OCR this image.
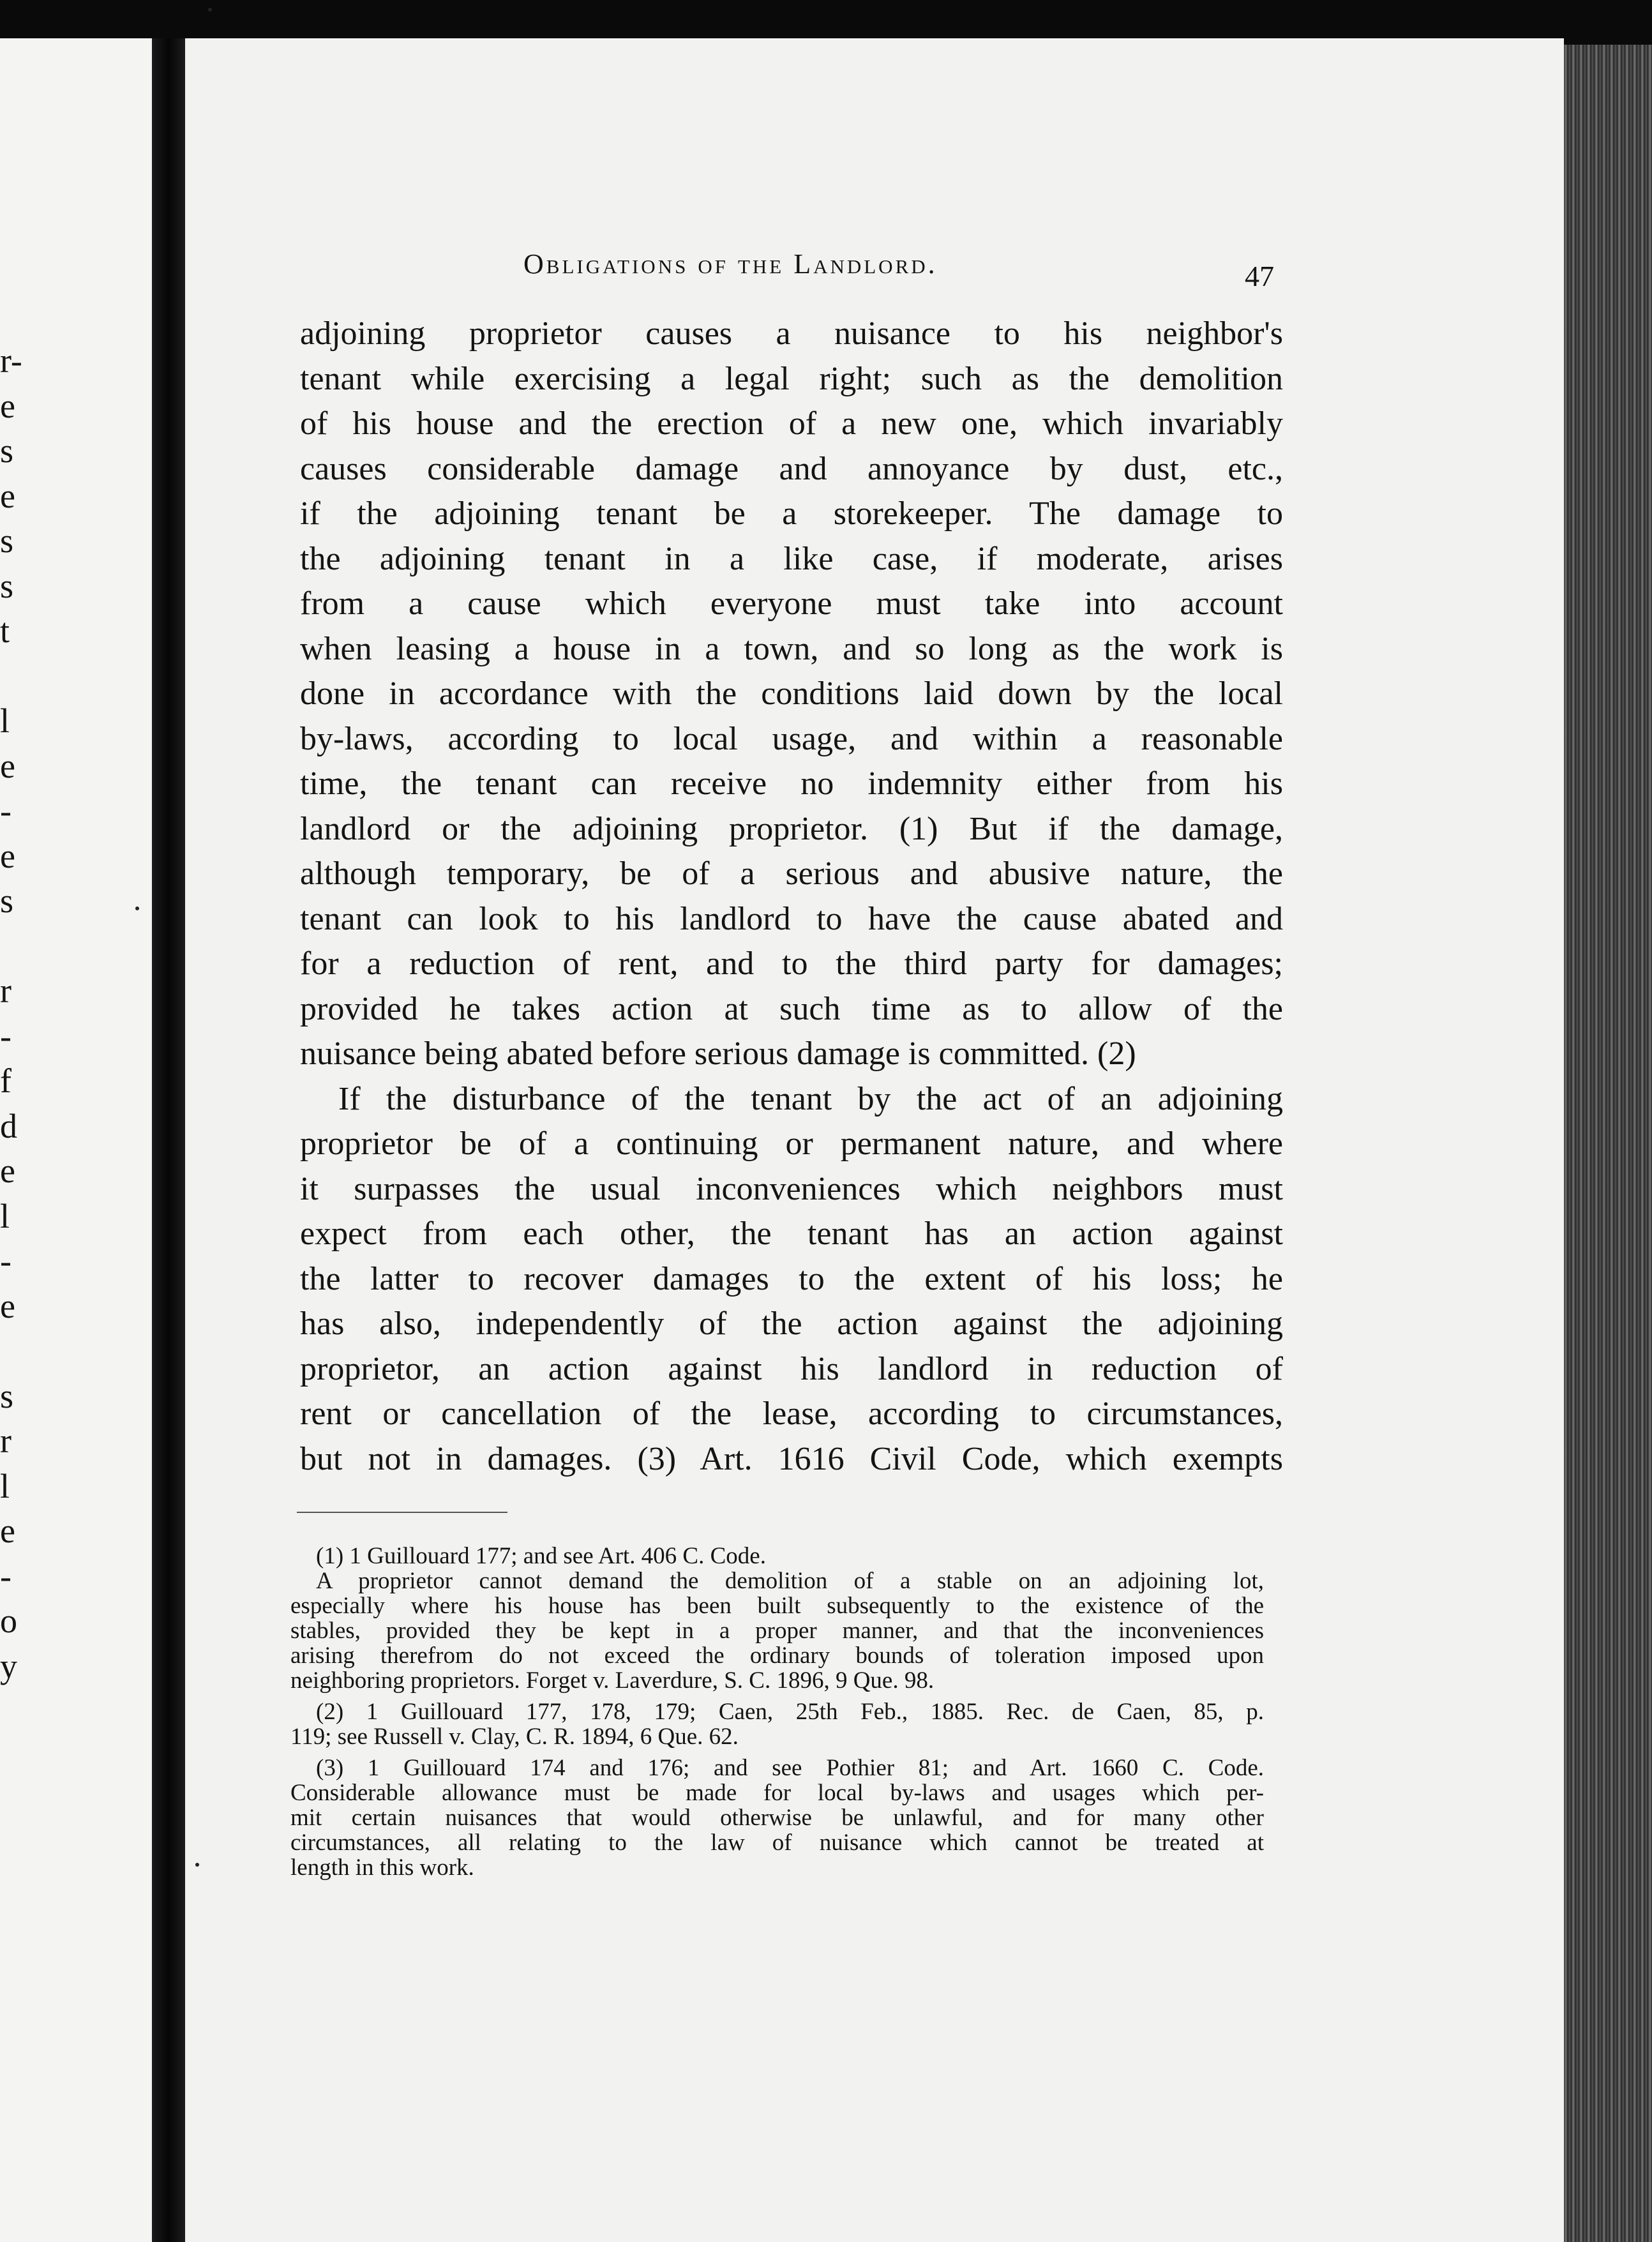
r-
e
s
e
s
s
t
l
e
-
e
s
r
-
f
d
e
l
-
e
s
r
l
e
-
o
y
Obligations of the Landlord.	47
adjoining proprietor causes a nuisance to his neighbor's
tenant while exercising a legal right; such as the demolition
of his house and the erection of a new one, which invariably
causes considerable damage and annoyance by dust, etc.,
if the adjoining tenant be a storekeeper. The damage to
the adjoining tenant in a like case, if moderate, arises
from a cause which everyone must take into account
when leasing a house in a town, and so long as the work is
done in accordance with the conditions laid down by the local
by-laws, according to local usage, and within a reasonable
time, the tenant can receive no indemnity either from his
landlord or the adjoining proprietor. (1) But if the damage,
although temporary, be of a serious and abusive nature, the
tenant can look to his landlord to have the cause abated and
for a reduction of rent, and to the third party for damages;
provided he takes action at such time as to allow of the
nuisance being abated before serious damage is committed. (2)
If the disturbance of the tenant by the act of an adjoining
proprietor be of a continuing or permanent nature, and where
it surpasses the usual inconveniences which neighbors must
expect from each other, the tenant has an action against
the latter to recover damages to the extent of his loss; he
has also, independently of the action against the adjoining
proprietor, an action against his landlord in reduction of
rent or cancellation of the lease, according to circumstances,
but not in damages. (3) Art. 1616 Civil Code, which exempts
(1) 1 Guillouard 177; and see Art. 406 C. Code.
A proprietor cannot demand the demolition of a stable on an adjoining lot,
especially where his house has been built subsequently to the existence of the
stables, provided they be kept in a proper manner, and that the inconveniences
arising therefrom do not exceed the ordinary bounds of toleration imposed upon
neighboring proprietors. Forget v. Laverdure, S. C. 1896, 9 Que. 98.
(2) 1 Guillouard 177, 178, 179; Caen, 25th Feb., 1885. Rec. de Caen, 85, p.
119; see Russell v. Clay, C. R. 1894, 6 Que. 62.
(3) 1 Guillouard 174 and 176; and see Pothier 81; and Art. 1660 C. Code.
Considerable allowance must be made for local by-laws and usages which per-
mit certain nuisances that would otherwise be unlawful, and for many other
circumstances, all relating to the law of nuisance which cannot be treated at
length in this work.
